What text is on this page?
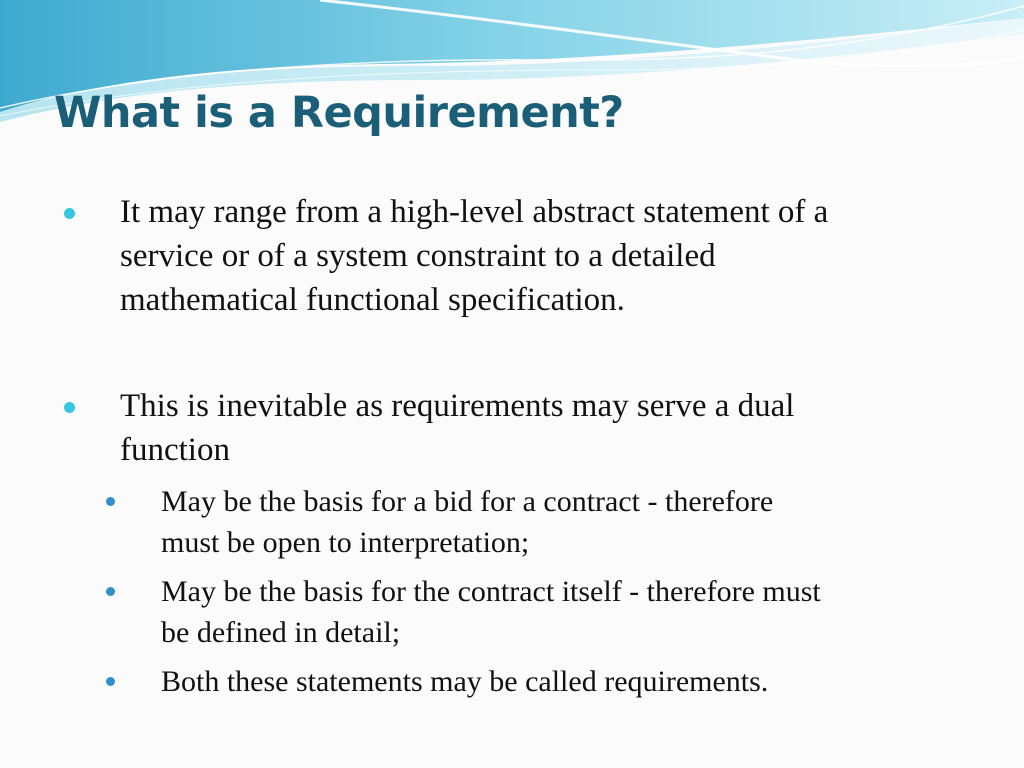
What is a Requirement?
It may range from a high-level abstract statement of a
service or of a system constraint to a detailed
mathematical functional specification.
This is inevitable as requirements may serve a dual
function
May be the basis for a bid for a contract - therefore
must be open to interpretation;
May be the basis for the contract itself - therefore must
be defined in detail;
Both these statements may be called requirements.
